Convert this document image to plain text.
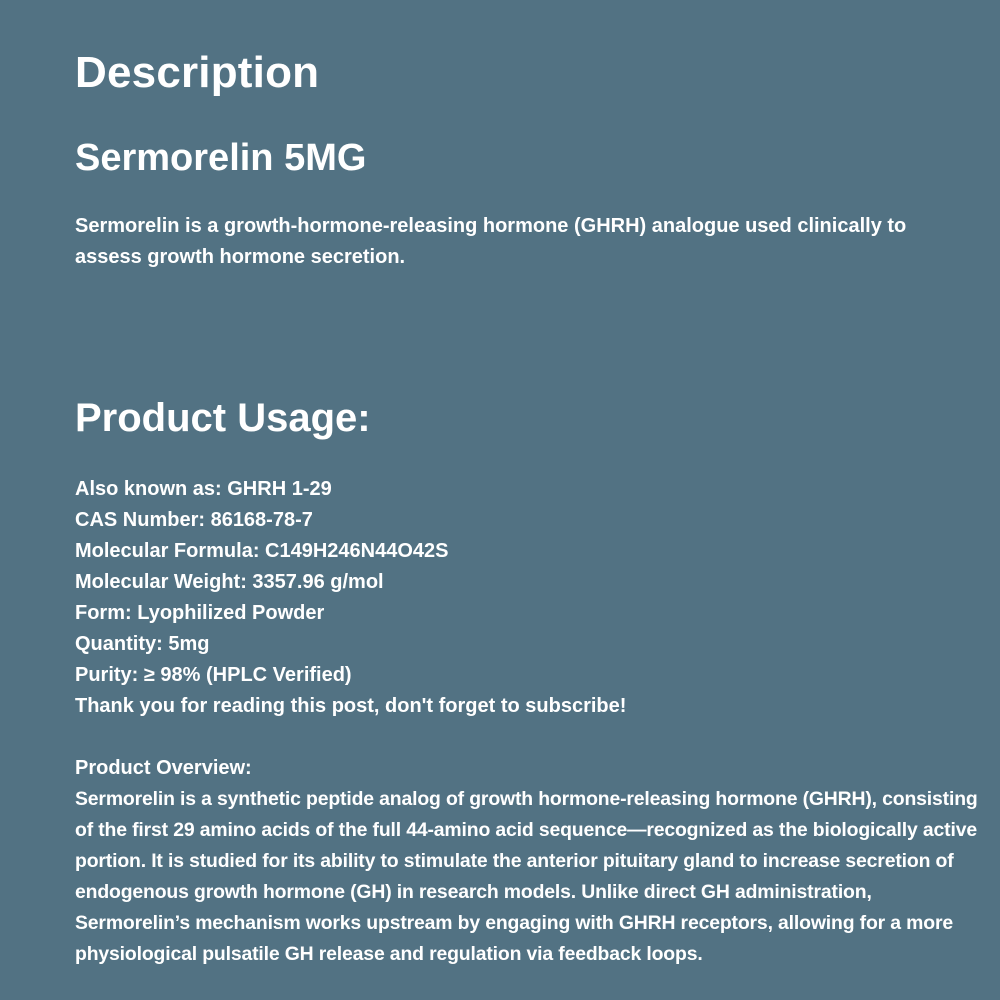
Description
Sermorelin 5MG

Sermorelin is a growth-hormone-releasing hormone (GHRH) analogue used clinically to assess growth hormone secretion.

Product Usage:
Also known as: GHRH 1-29
CAS Number: 86168-78-7
Molecular Formula: C149H246N44O42S
Molecular Weight: 3357.96 g/mol
Form: Lyophilized Powder
Quantity: 5mg
Purity: ≥ 98% (HPLC Verified)
Thank you for reading this post, don't forget to subscribe!

Product Overview:

Sermorelin is a synthetic peptide analog of growth hormone-releasing hormone (GHRH), consisting of the first 29 amino acids of the full 44-amino acid sequence—recognized as the biologically active portion. It is studied for its ability to stimulate the anterior pituitary gland to increase secretion of endogenous growth hormone (GH) in research models. Unlike direct GH administration, Sermorelin’s mechanism works upstream by engaging with GHRH receptors, allowing for a more physiological pulsatile GH release and regulation via feedback loops.
